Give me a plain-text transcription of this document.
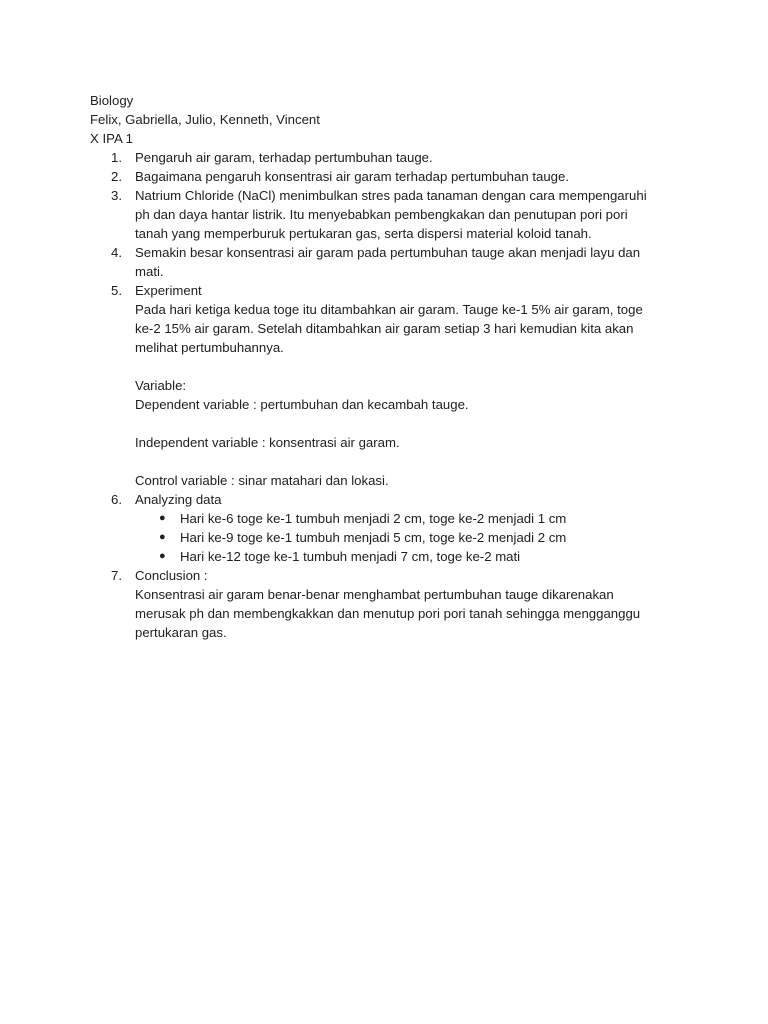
Biology

Felix, Gabriella, Julio, Kenneth, Vincent

X IPA 1

1. Pengaruh air garam, terhadap pertumbuhan tauge.

2. Bagaimana pengaruh konsentrasi air garam terhadap pertumbuhan tauge.

3. Natrium Chloride (NaCl) menimbulkan stres pada tanaman dengan cara mempengaruhi

ph dan daya hantar listrik. Itu menyebabkan pembengkakan dan penutupan pori pori

tanah yang memperburuk pertukaran gas, serta dispersi material koloid tanah.

4. Semakin besar konsentrasi air garam pada pertumbuhan tauge akan menjadi layu dan

mati.

5. Experiment

Pada hari ketiga kedua toge itu ditambahkan air garam. Tauge ke-1 5% air garam, toge

ke-2 15% air garam. Setelah ditambahkan air garam setiap 3 hari kemudian kita akan

melihat pertumbuhannya.

Variable:

Dependent variable : pertumbuhan dan kecambah tauge.

Independent variable : konsentrasi air garam.

Control variable : sinar matahari dan lokasi.

6. Analyzing data

● Hari ke-6 toge ke-1 tumbuh menjadi 2 cm, toge ke-2 menjadi 1 cm
● Hari ke-9 toge ke-1 tumbuh menjadi 5 cm, toge ke-2 menjadi 2 cm
● Hari ke-12 toge ke-1 tumbuh menjadi 7 cm, toge ke-2 mati
7. Conclusion :

Konsentrasi air garam benar-benar menghambat pertumbuhan tauge dikarenakan

merusak ph dan membengkakkan dan menutup pori pori tanah sehingga mengganggu

pertukaran gas.
